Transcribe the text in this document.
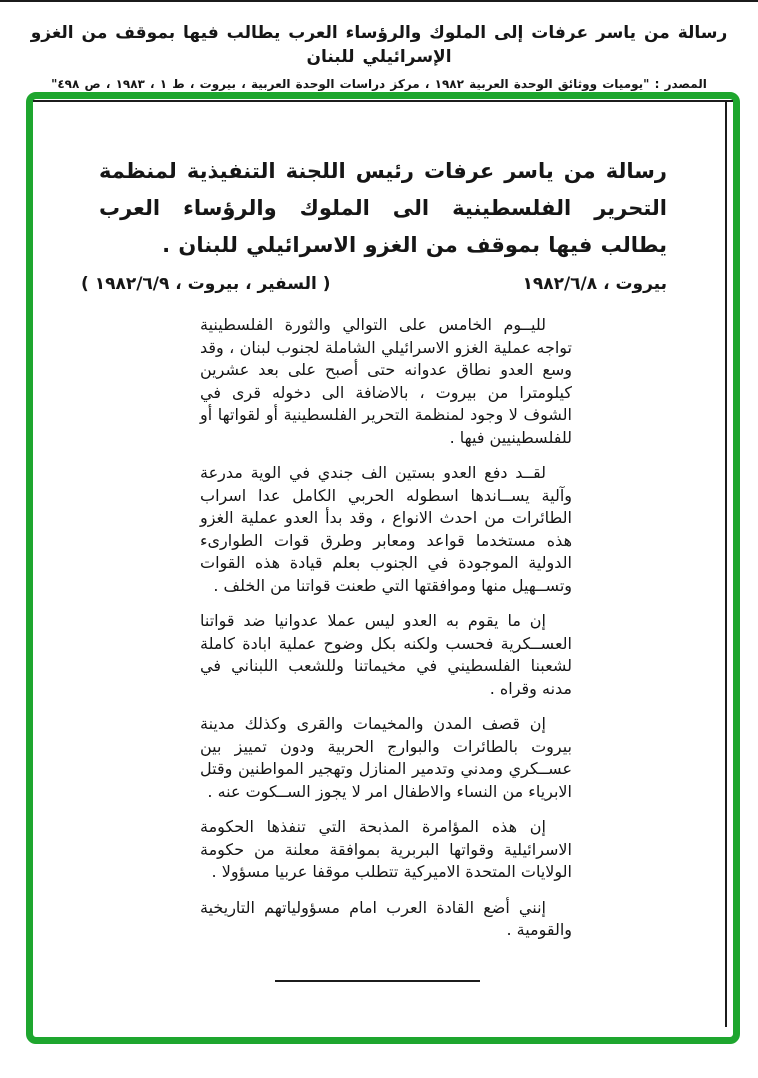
رسالة من ياسر عرفات إلى الملوك والرؤساء العرب يطالب فيها بموقف من الغزو الإسرائيلي للبنان
المصدر : "يوميات ووثائق الوحدة العربية ١٩٨٢ ، مركز دراسات الوحدة العربية ، بيروت ، ط ١ ، ١٩٨٣ ، ص ٤٩٨"
رسالة من ياسر عرفات رئيس اللجنة التنفيذية لمنظمة التحرير الفلسطينية الى الملوك والرؤساء العرب يطالب فيها بموقف من الغزو الاسرائيلي للبنان .
بيروت ، ١٩٨٢/٦/٨
( السفير ، بيروت ، ١٩٨٢/٦/٩ )

لليــوم الخامس على التوالي والثورة الفلسطينية تواجه عملية الغزو الاسرائيلي الشاملة لجنوب لبنان ، وقد وسع العدو نطاق عدوانه حتى أصبح على بعد عشرين كيلومترا من بيروت ، بالاضافة الى دخوله قرى في الشوف لا وجود لمنظمة التحرير الفلسطينية أو لقواتها أو للفلسطينيين فيها .

لقــد دفع العدو بستين الف جندي في الوية مدرعة وآلية يســاندها اسطوله الحربي الكامل عدا اسراب الطائرات من احدث الانواع ، وقد بدأ العدو عملية الغزو هذه مستخدما قواعد ومعابر وطرق قوات الطوارىء الدولية الموجودة في الجنوب بعلم قيادة هذه القوات وتســهيل منها وموافقتها التي طعنت قواتنا من الخلف .

إن ما يقوم به العدو ليس عملا عدوانيا ضد قواتنا العســكرية فحسب ولكنه بكل وضوح عملية ابادة كاملة لشعبنا الفلسطيني في مخيماتنا وللشعب اللبناني في مدنه وقراه .

إن قصف المدن والمخيمات والقرى وكذلك مدينة بيروت بالطائرات والبوارج الحربية ودون تمييز بين عســكري ومدني وتدمير المنازل وتهجير المواطنين وقتل الابرياء من النساء والاطفال امر لا يجوز الســكوت عنه .

إن هذه المؤامرة المذبحة التي تنفذها الحكومة الاسرائيلية وقواتها البربرية بموافقة معلنة من حكومة الولايات المتحدة الاميركية تتطلب موقفا عربيا مسؤولا .

إنني أضع القادة العرب امام مسؤولياتهم التاريخية والقومية .
